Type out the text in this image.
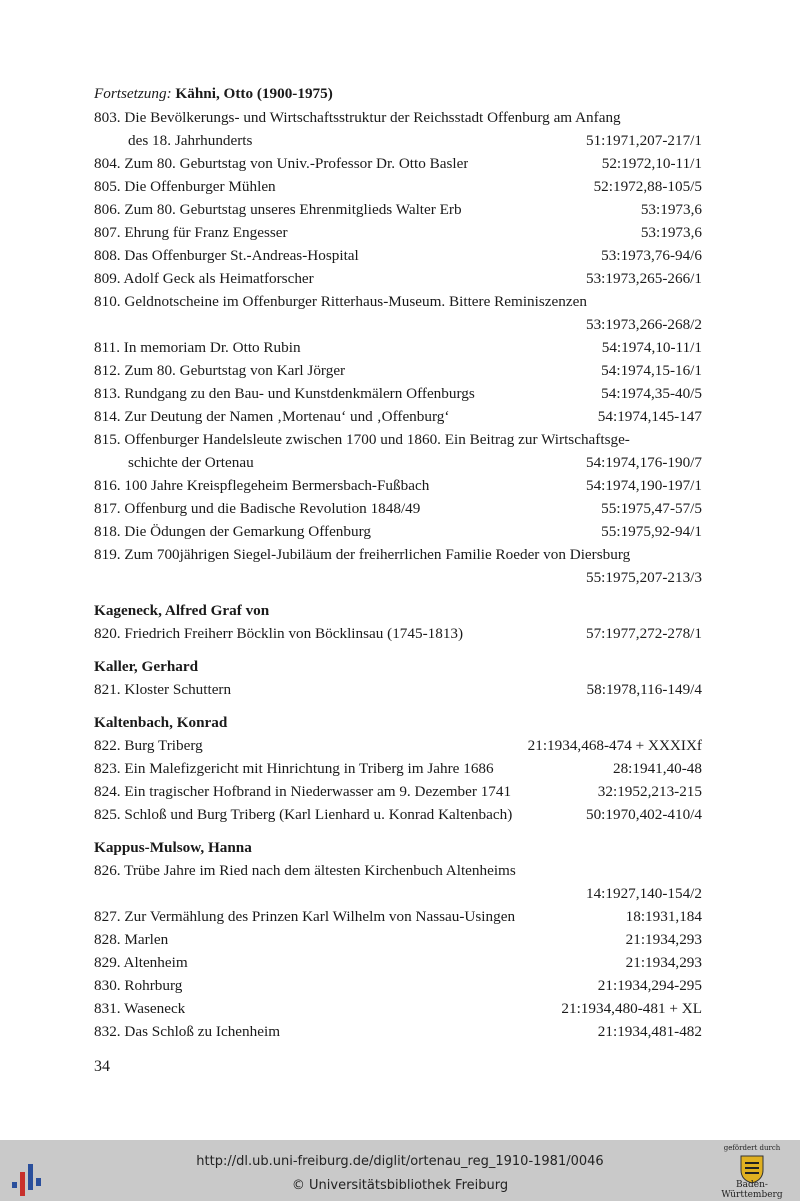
Fortsetzung: Kähni, Otto (1900-1975)
803. Die Bevölkerungs- und Wirtschaftsstruktur der Reichsstadt Offenburg am Anfang
des 18. Jahrhunderts	51:1971,207-217/1
804. Zum 80. Geburtstag von Univ.-Professor Dr. Otto Basler	52:1972,10-11/1
805. Die Offenburger Mühlen	52:1972,88-105/5
806. Zum 80. Geburtstag unseres Ehrenmitglieds Walter Erb	53:1973,6
807. Ehrung für Franz Engesser	53:1973,6
808. Das Offenburger St.-Andreas-Hospital	53:1973,76-94/6
809. Adolf Geck als Heimatforscher	53:1973,265-266/1
810. Geldnotscheine im Offenburger Ritterhaus-Museum. Bittere Reminiszenzen
53:1973,266-268/2
811. In memoriam Dr. Otto Rubin	54:1974,10-11/1
812. Zum 80. Geburtstag von Karl Jörger	54:1974,15-16/1
813. Rundgang zu den Bau- und Kunstdenkmälern Offenburgs	54:1974,35-40/5
814. Zur Deutung der Namen ‚Mortenau‘ und ‚Offenburg‘	54:1974,145-147
815. Offenburger Handelsleute zwischen 1700 und 1860. Ein Beitrag zur Wirtschaftsge-
schichte der Ortenau	54:1974,176-190/7
816. 100 Jahre Kreispflegeheim Bermersbach-Fußbach	54:1974,190-197/1
817. Offenburg und die Badische Revolution 1848/49	55:1975,47-57/5
818. Die Ödungen der Gemarkung Offenburg	55:1975,92-94/1
819. Zum 700jährigen Siegel-Jubiläum der freiherrlichen Familie Roeder von Diersburg
55:1975,207-213/3
Kageneck, Alfred Graf von
820. Friedrich Freiherr Böcklin von Böcklinsau (1745-1813)	57:1977,272-278/1
Kaller, Gerhard
821. Kloster Schuttern	58:1978,116-149/4
Kaltenbach, Konrad
822. Burg Triberg	21:1934,468-474 + XXXIXf
823. Ein Malefizgericht mit Hinrichtung in Triberg im Jahre 1686	28:1941,40-48
824. Ein tragischer Hofbrand in Niederwasser am 9. Dezember 1741	32:1952,213-215
825. Schloß und Burg Triberg (Karl Lienhard u. Konrad Kaltenbach)	50:1970,402-410/4
Kappus-Mulsow, Hanna
826. Trübe Jahre im Ried nach dem ältesten Kirchenbuch Altenheims
14:1927,140-154/2
827. Zur Vermählung des Prinzen Karl Wilhelm von Nassau-Usingen	18:1931,184
828. Marlen	21:1934,293
829. Altenheim	21:1934,293
830. Rohrburg	21:1934,294-295
831. Waseneck	21:1934,480-481 + XL
832. Das Schloß zu Ichenheim	21:1934,481-482
34
http://dl.ub.uni-freiburg.de/diglit/ortenau_reg_1910-1981/0046
© Universitätsbibliothek Freiburg
gefördert durch
Baden-Württemberg
